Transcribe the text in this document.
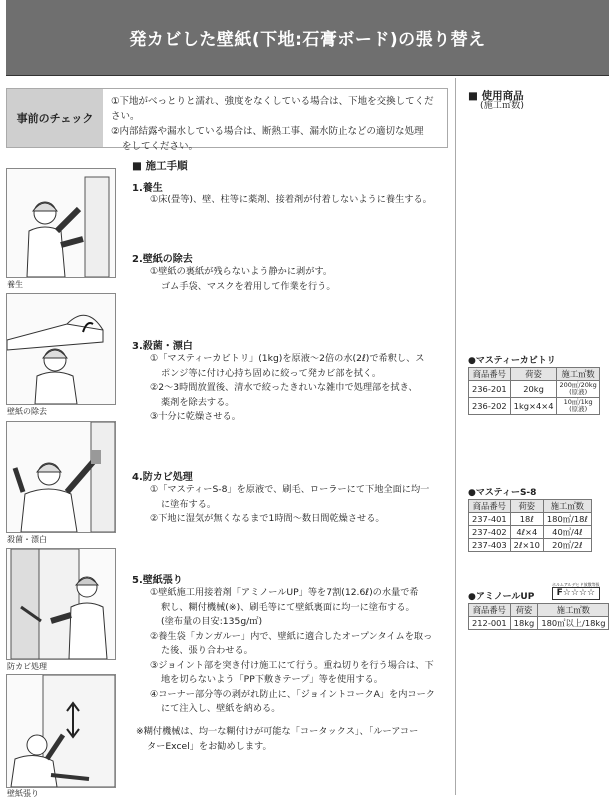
発カビした壁紙(下地:石膏ボード)の張り替え
事前のチェック
①下地がべっとりと濡れ、強度をなくしている場合は、下地を交換してください。
②内部結露や漏水している場合は、断熱工事、漏水防止などの適切な処理
をしてください。
■ 使用商品
(施工㎡数)
■ 施工手順
1.養生
①床(畳等)、壁、柱等に薬剤、接着剤が付着しないように養生する。
2.壁紙の除去
①壁紙の裏紙が残らないよう静かに剥がす。
ゴム手袋、マスクを着用して作業を行う。
3.殺菌・漂白
①「マスティーカビトリ」(1kg)を原液～2倍の水(2ℓ)で希釈し、ス
ポンジ等に付け心持ち固めに絞って発カビ部を拭く。
②2～3時間放置後、清水で絞ったきれいな雑巾で処理部を拭き、
薬剤を除去する。
③十分に乾燥させる。
4.防カビ処理
①「マスティーS-8」を原液で、刷毛、ローラーにて下地全面に均一
に塗布する。
②下地に湿気が無くなるまで1時間～数日間乾燥させる。
5.壁紙張り
①壁紙施工用接着剤「アミノールUP」等を7割(12.6ℓ)の水量で希
釈し、糊付機械(※)、刷毛等にて壁紙裏面に均一に塗布する。
(塗布量の目安:135g/㎡)
②養生袋「カンガルー」内で、壁紙に適合したオープンタイムを取っ
た後、張り合わせる。
③ジョイント部を突き付け施工にて行う。重ね切りを行う場合は、下
地を切らないよう「PP下敷きテープ」等を使用する。
④コーナー部分等の剥がれ防止に、「ジョイントコークA」を内コーク
にて注入し、壁紙を納める。
※糊付機械は、均一な糊付けが可能な「コータックス」、「ルーアコー
ターExcel」をお勧めします。
養生
壁紙の除去
殺菌・漂白
防カビ処理
壁紙張り
●マスティーカビトリ
商品番号	荷姿	施工㎡数
236-201	20kg	200㎡/20kg
(原液)

236-202	1kg×4×4	10㎡/1kg
(原液)
●マスティーS-8
商品番号	荷姿	施工㎡数
237-401	18ℓ	180㎡/18ℓ
237-402	4ℓ×4	40㎡/4ℓ
237-403	2ℓ×10	20㎡/2ℓ
●アミノールUP
ホルムアルデヒド放散等級
F☆☆☆☆
商品番号	荷姿	施工㎡数
212-001	18kg	180㎡以上/18kg
